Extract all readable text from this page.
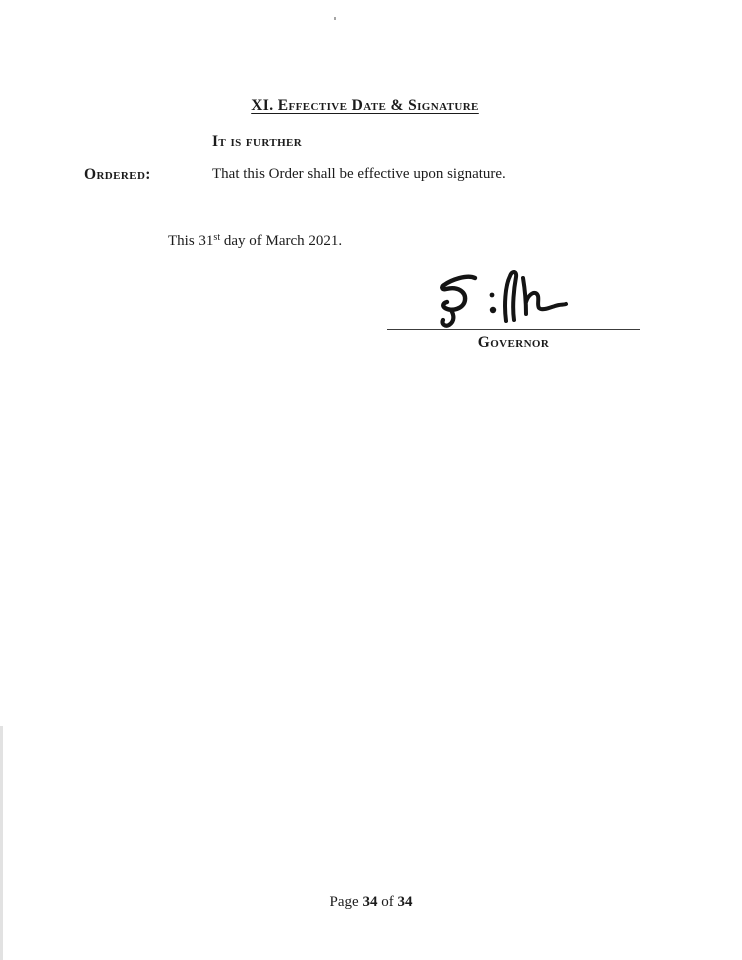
XI. Effective Date & Signature
It is further
Ordered:	That this Order shall be effective upon signature.
This 31st day of March 2021.
Governor
Page 34 of 34
